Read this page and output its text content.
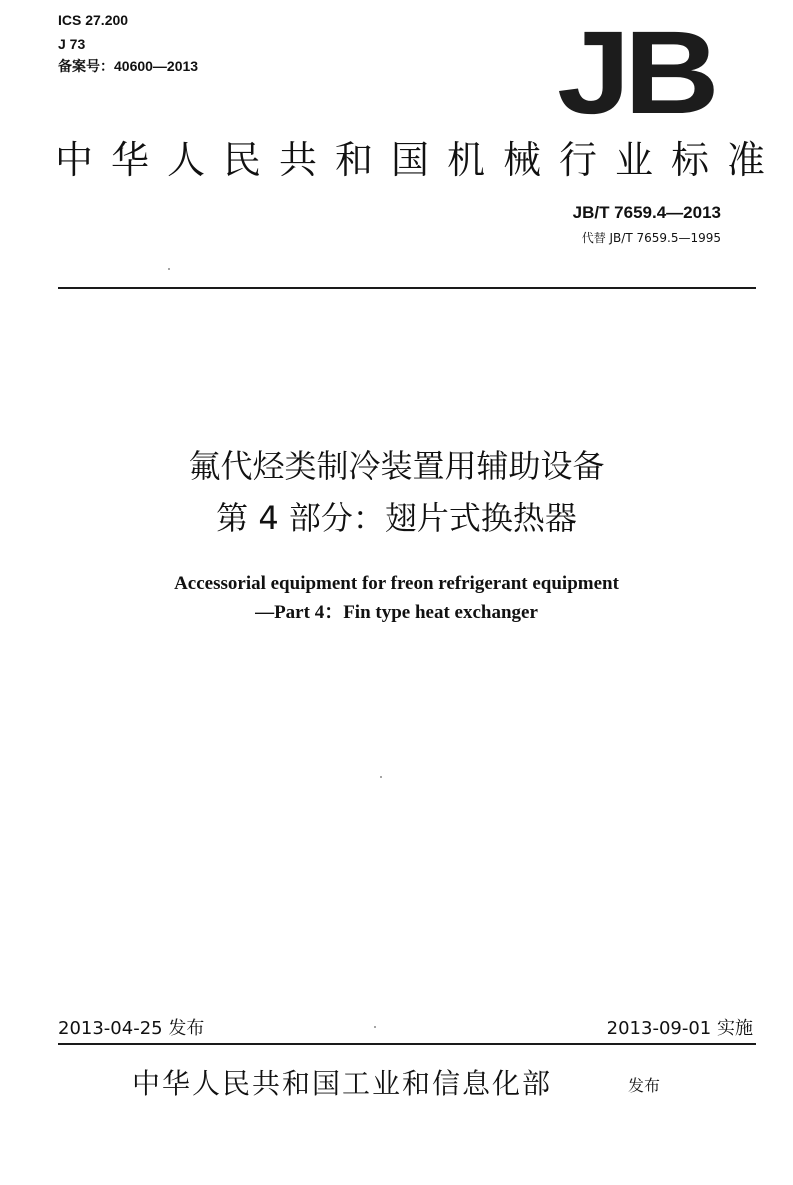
ICS 27.200
J 73
备案号：40600—2013	JB
中华人民共和国机械行业标准
JB/T 7659.4—2013
代替 JB/T 7659.5—1995
氟代烃类制冷装置用辅助设备
第 4 部分：翅片式换热器
Accessorial equipment for freon refrigerant equipment
—Part 4：Fin type heat exchanger
2013-04-25 发布	2013-09-01 实施
中华人民共和国工业和信息化部	发布
